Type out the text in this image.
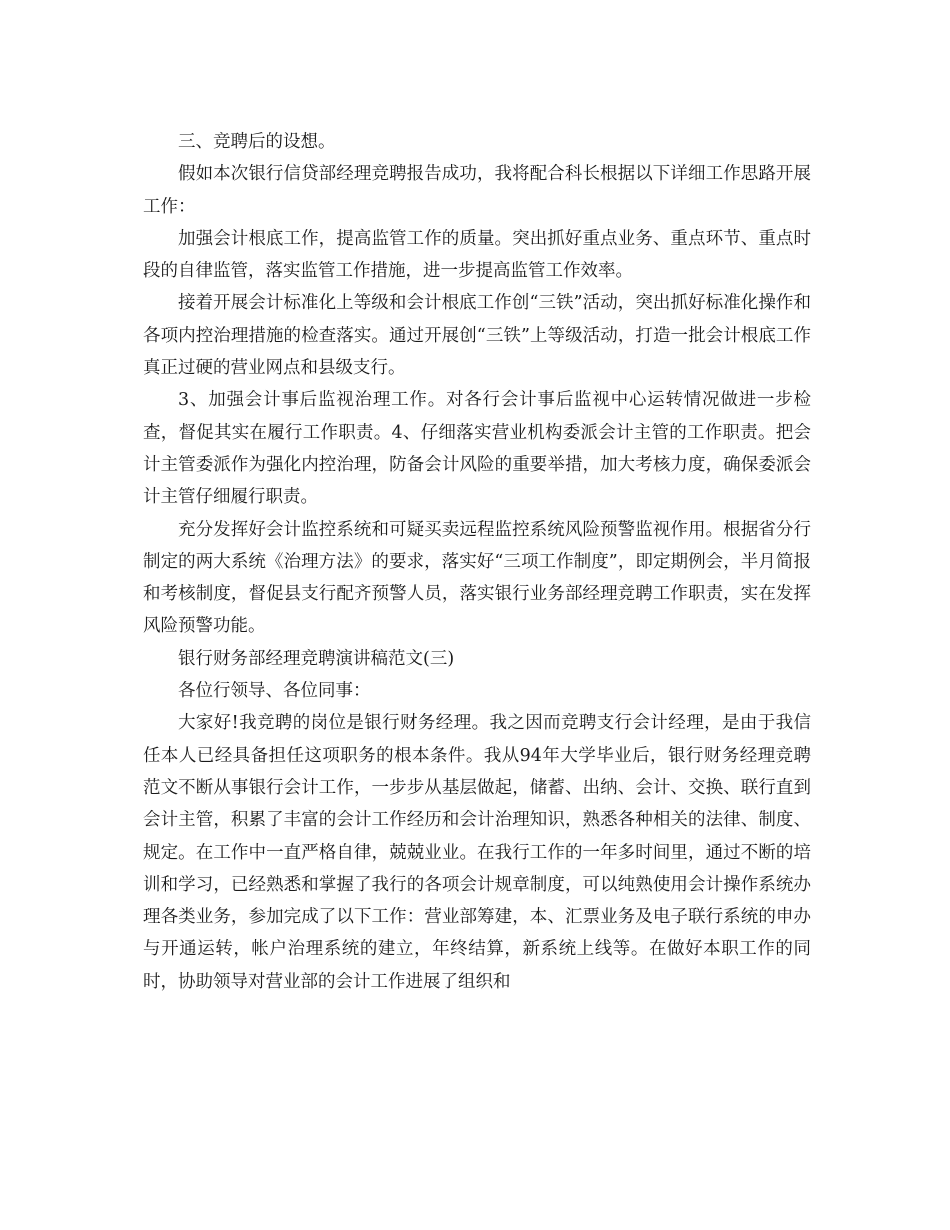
三、竞聘后的设想。

假如本次银行信贷部经理竞聘报告成功，我将配合科长根据以下详细工作思路开展工作：

加强会计根底工作，提高监管工作的质量。突出抓好重点业务、重点环节、重点时段的自律监管，落实监管工作措施，进一步提高监管工作效率。

接着开展会计标准化上等级和会计根底工作创“三铁”活动，突出抓好标准化操作和各项内控治理措施的检查落实。通过开展创“三铁”上等级活动，打造一批会计根底工作真正过硬的营业网点和县级支行。

3、加强会计事后监视治理工作。对各行会计事后监视中心运转情况做进一步检查，督促其实在履行工作职责。4、仔细落实营业机构委派会计主管的工作职责。把会计主管委派作为强化内控治理，防备会计风险的重要举措，加大考核力度，确保委派会计主管仔细履行职责。

充分发挥好会计监控系统和可疑买卖远程监控系统风险预警监视作用。根据省分行制定的两大系统《治理方法》的要求，落实好“三项工作制度”，即定期例会，半月简报和考核制度，督促县支行配齐预警人员，落实银行业务部经理竞聘工作职责，实在发挥风险预警功能。

银行财务部经理竞聘演讲稿范文(三)

各位行领导、各位同事：

大家好!我竞聘的岗位是银行财务经理。我之因而竞聘支行会计经理，是由于我信任本人已经具备担任这项职务的根本条件。我从94年大学毕业后，银行财务经理竞聘范文不断从事银行会计工作，一步步从基层做起，储蓄、出纳、会计、交换、联行直到会计主管，积累了丰富的会计工作经历和会计治理知识，熟悉各种相关的法律、制度、规定。在工作中一直严格自律，兢兢业业。在我行工作的一年多时间里，通过不断的培训和学习，已经熟悉和掌握了我行的各项会计规章制度，可以纯熟使用会计操作系统办理各类业务，参加完成了以下工作：营业部筹建，本、汇票业务及电子联行系统的申办与开通运转，帐户治理系统的建立，年终结算，新系统上线等。在做好本职工作的同时，协助领导对营业部的会计工作进展了组织和
